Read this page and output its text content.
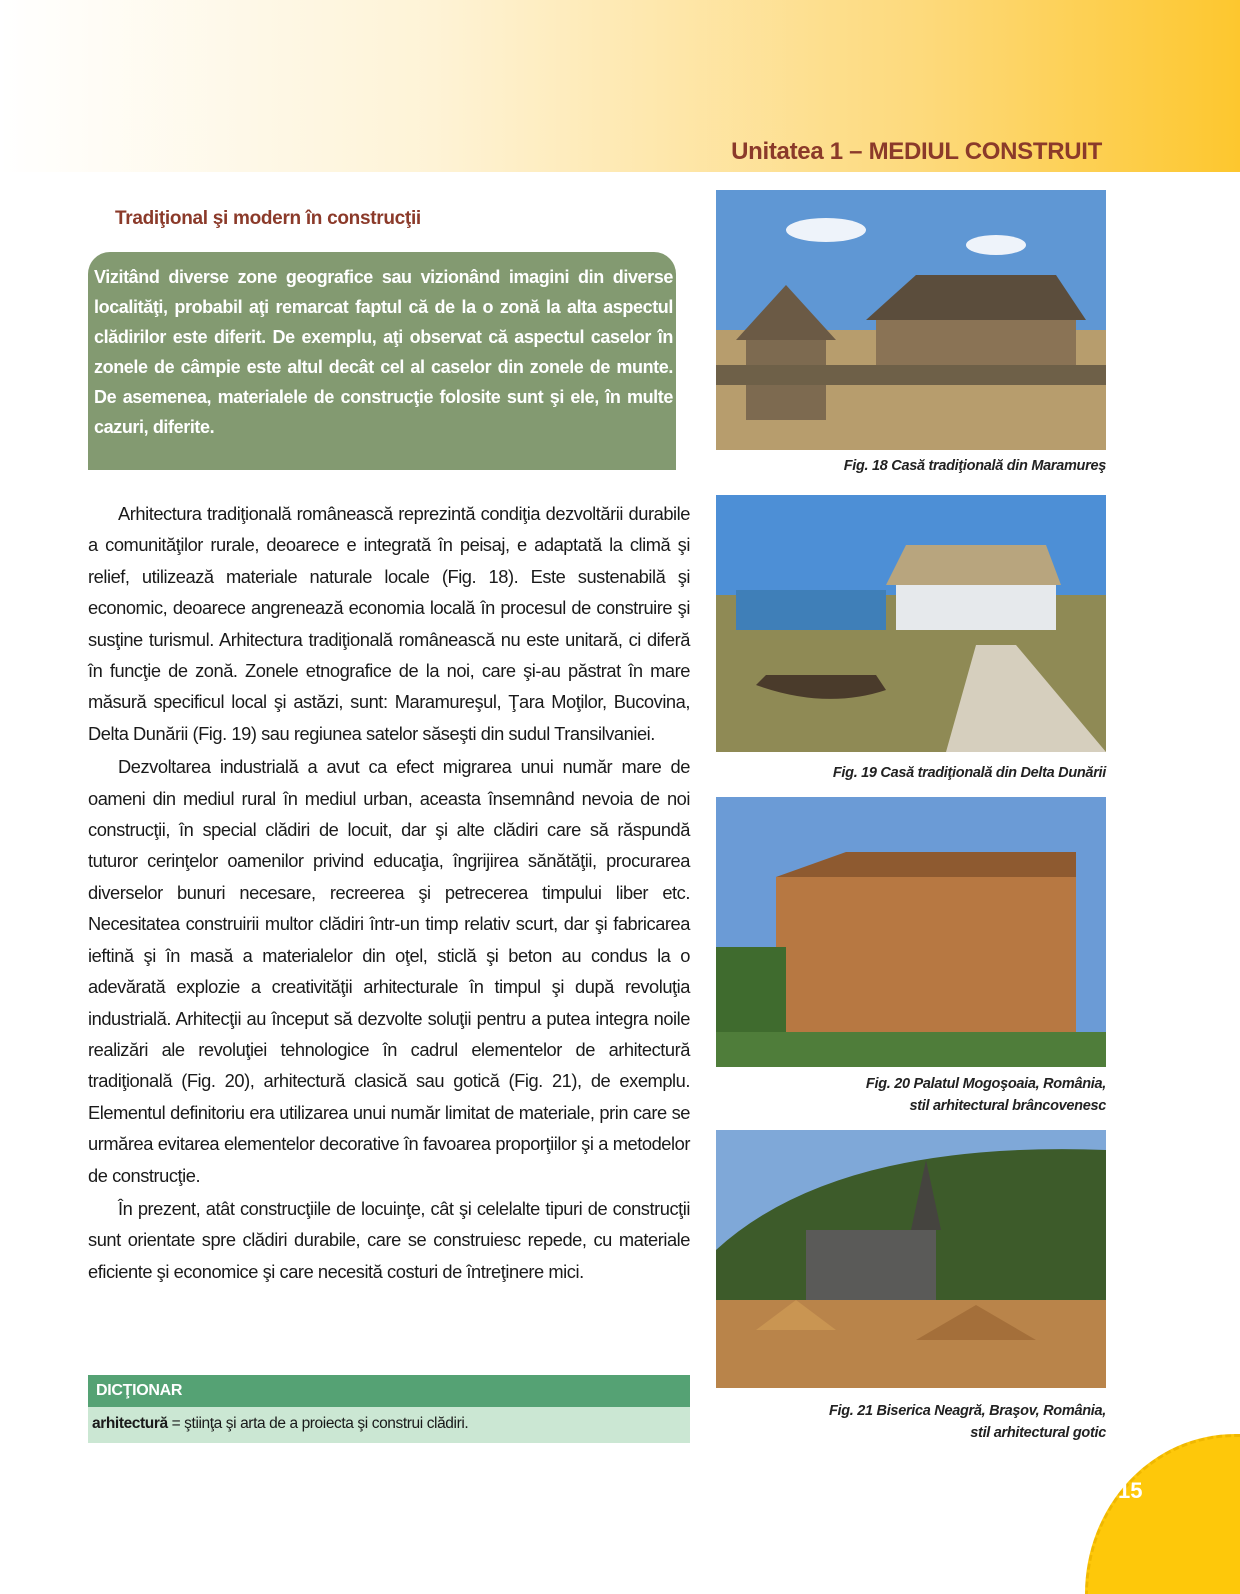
Unitatea 1 – MEDIUL CONSTRUIT
Tradiţional şi modern în construcţii
Vizitând diverse zone geografice sau vizionând imagini din diverse localităţi, probabil aţi remarcat faptul că de la o zonă la alta aspectul clădirilor este diferit. De exemplu, aţi observat că aspectul caselor în zonele de câmpie este altul decât cel al caselor din zonele de munte. De asemenea, materialele de construcţie folosite sunt şi ele, în multe cazuri, diferite.

Arhitectura tradiţională românească reprezintă condiţia dezvoltării durabile a comunităţilor rurale, deoarece e integrată în peisaj, e adaptată la climă şi relief, utilizează materiale naturale locale (Fig. 18). Este sustenabilă şi economic, deoarece angrenează economia locală în procesul de construire şi susţine turismul. Arhitectura tradiţională românească nu este unitară, ci diferă în funcţie de zonă. Zonele etnografice de la noi, care şi-au păstrat în mare măsură specificul local şi astăzi, sunt: Maramureşul, Ţara Moţilor, Bucovina, Delta Dunării (Fig. 19) sau regiunea satelor săseşti din sudul Transilvaniei.

Dezvoltarea industrială a avut ca efect migrarea unui număr mare de oameni din mediul rural în mediul urban, aceasta însemnând nevoia de noi construcţii, în special clădiri de locuit, dar şi alte clădiri care să răspundă tuturor cerinţelor oamenilor privind educaţia, îngrijirea sănătăţii, procurarea diverselor bunuri necesare, recreerea şi petrecerea timpului liber etc. Necesitatea construirii multor clădiri într-un timp relativ scurt, dar şi fabricarea ieftină şi în masă a materialelor din oţel, sticlă şi beton au condus la o adevărată explozie a creativităţii arhitecturale în timpul şi după revoluţia industrială. Arhitecţii au început să dezvolte soluţii pentru a putea integra noile realizări ale revoluţiei tehnologice în cadrul elementelor de arhitectură tradiţională (Fig. 20), arhitectură clasică sau gotică (Fig. 21), de exemplu. Elementul definitoriu era utilizarea unui număr limitat de materiale, prin care se urmărea evitarea elementelor decorative în favoarea proporţiilor şi a metodelor de construcţie.

În prezent, atât construcţiile de locuinţe, cât şi celelalte tipuri de construcţii sunt orientate spre clădiri durabile, care se construiesc repede, cu materiale eficiente şi economice şi care necesită costuri de întreţinere mici.

DICŢIONAR
arhitectură = ştiinţa şi arta de a proiecta şi construi clădiri.
Fig. 18 Casă tradiţională din Maramureş
Fig. 19 Casă tradiţională din Delta Dunării
Fig. 20 Palatul Mogoşoaia, România,
stil arhitectural brâncovenesc
Fig. 21 Biserica Neagră, Braşov, România,
stil arhitectural gotic
15
